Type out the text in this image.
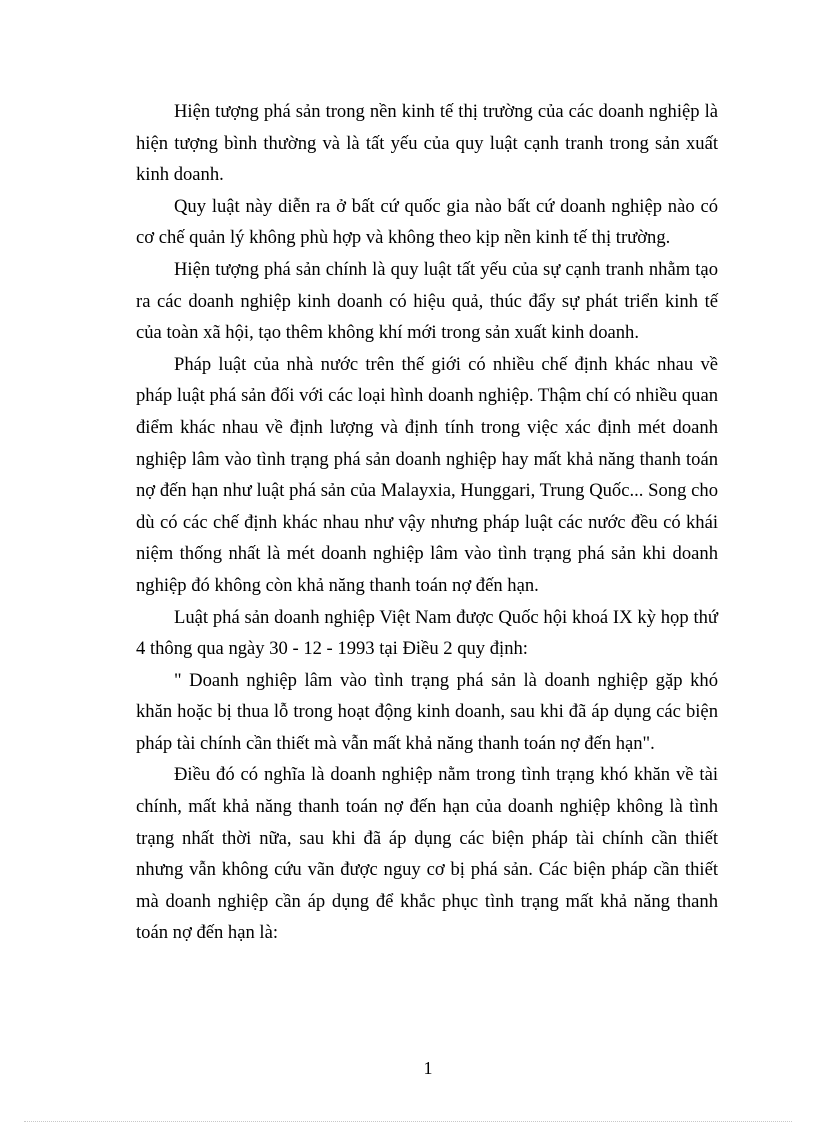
Hiện tượng phá sản trong nền kinh tế thị trường của các doanh nghiệp là hiện tượng bình thường và là tất yếu của quy luật cạnh tranh trong sản xuất kinh doanh.

Quy luật này diễn ra ở bất cứ quốc gia nào bất cứ doanh nghiệp nào có cơ chế quản lý không phù hợp và không theo kịp nền kinh tế thị trường.

Hiện tượng phá sản chính là quy luật tất yếu của sự cạnh tranh nhằm tạo ra các doanh nghiệp kinh doanh có hiệu quả, thúc đẩy sự phát triển kinh tế của toàn xã hội, tạo thêm không khí mới trong sản xuất kinh doanh.

Pháp luật của nhà nước trên thế giới có nhiều chế định khác nhau về pháp luật phá sản đối với các loại hình doanh nghiệp. Thậm chí có nhiều quan điểm khác nhau về định lượng và định tính trong việc xác định mét doanh nghiệp lâm vào tình trạng phá sản doanh nghiệp hay mất khả năng thanh toán nợ đến hạn như luật phá sản của Malayxia, Hunggari, Trung Quốc... Song cho dù có các chế định khác nhau như vậy nhưng pháp luật các nước đều có khái niệm thống nhất là mét doanh nghiệp lâm vào tình trạng phá sản khi doanh nghiệp đó không còn khả năng thanh toán nợ đến hạn.

Luật phá sản doanh nghiệp Việt Nam được Quốc hội khoá IX kỳ họp thứ 4 thông qua ngày 30 - 12 - 1993 tại Điều 2 quy định:

" Doanh nghiệp lâm vào tình trạng phá sản là doanh nghiệp gặp khó khăn hoặc bị thua lỗ trong hoạt động kinh doanh, sau khi đã áp dụng các biện pháp tài chính cần thiết mà vẫn mất khả năng thanh toán nợ đến hạn".

Điều đó có nghĩa là doanh nghiệp nằm trong tình trạng khó khăn về tài chính, mất khả năng thanh toán nợ đến hạn của doanh nghiệp không là tình trạng nhất thời nữa, sau khi đã áp dụng các biện pháp tài chính cần thiết nhưng vẫn không cứu vãn được nguy cơ bị phá sản. Các biện pháp cần thiết mà doanh nghiệp cần áp dụng để khắc phục tình trạng mất khả năng thanh toán nợ đến hạn là:

1
